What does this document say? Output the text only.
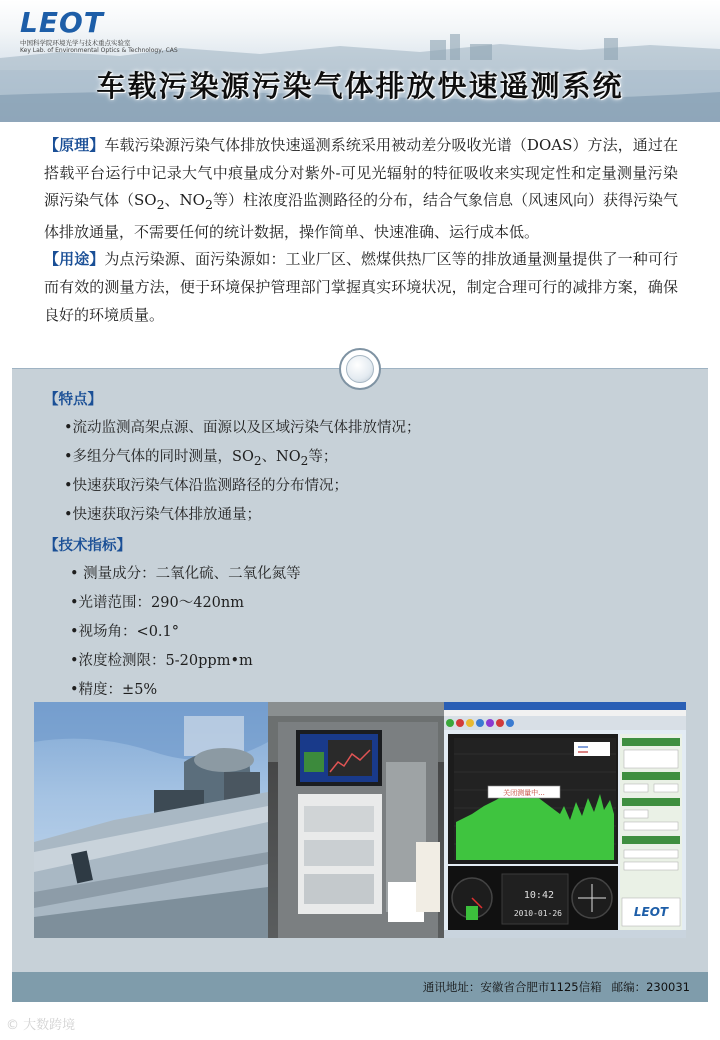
LEOT
中国科学院环境光学与技术重点实验室
Key Lab. of Environmental Optics & Technology, CAS
车载污染源污染气体排放快速遥测系统

【原理】车载污染源污染气体排放快速遥测系统采用被动差分吸收光谱（DOAS）方法，通过在搭载平台运行中记录大气中痕量成分对紫外-可见光辐射的特征吸收来实现定性和定量测量污染源污染气体（$SO_2$、$NO_2$等）柱浓度沿监测路径的分布，结合气象信息（风速风向）获得污染气体排放通量，不需要任何的统计数据，操作简单、快速准确、运行成本低。

【用途】为点污染源、面污染源如：工业厂区、燃煤供热厂区等的排放通量测量提供了一种可行而有效的测量方法，便于环境保护管理部门掌握真实环境状况，制定合理可行的减排方案，确保良好的环境质量。

【特点】
•流动监测高架点源、面源以及区域污染气体排放情况；
•多组分气体的同时测量，$SO_2$、$NO_2$等；
•快速获取污染气体沿监测路径的分布情况；
•快速获取污染气体排放通量；
【技术指标】
• 测量成分：二氧化硫、二氧化氮等
•光谱范围：290～420nm
•视场角：<0.1°
•浓度检测限：5-20ppm•m
•精度：±5%
关闭测量中...
10:42
2010-01-26	LEOT
通讯地址：安徽省合肥市1125信箱 邮编：230031
© 大数跨境
